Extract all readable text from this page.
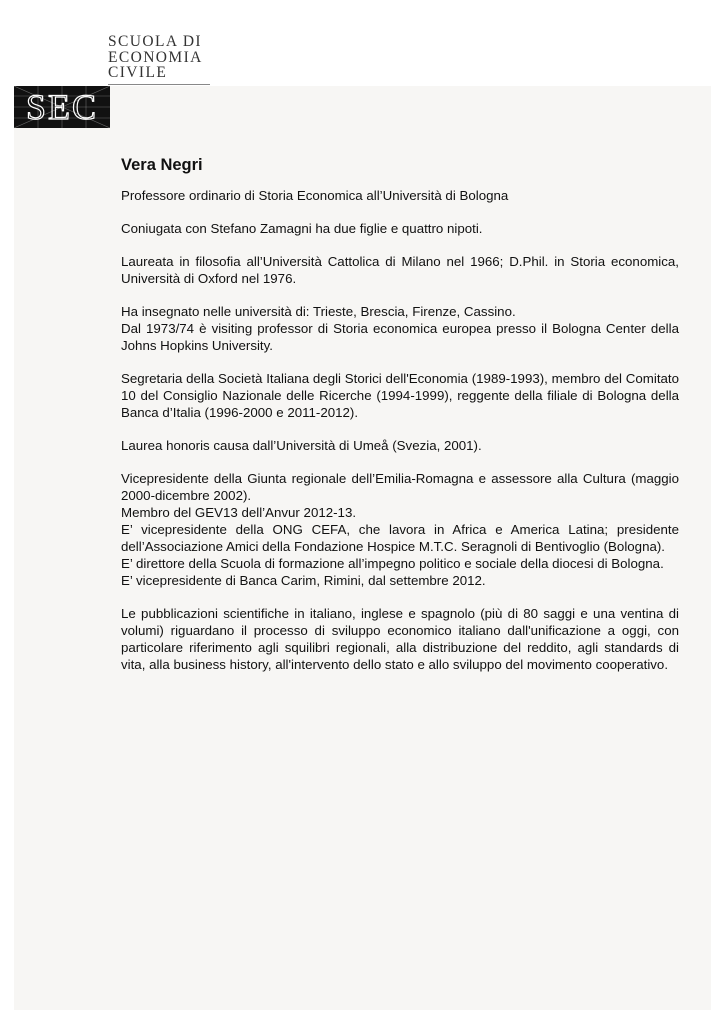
SCUOLA DI
ECONOMIA
CIVILE
SEC
Vera Negri

Professore ordinario di Storia Economica all’Università di Bologna

Coniugata con Stefano Zamagni ha due figlie e quattro nipoti.

Laureata in filosofia all’Università Cattolica di Milano nel 1966; D.Phil. in Storia economica, Università di Oxford nel 1976.

Ha insegnato nelle università di: Trieste, Brescia, Firenze, Cassino.
Dal 1973/74 è visiting professor di Storia economica europea presso il Bologna Center della Johns Hopkins University.

Segretaria della Società Italiana degli Storici dell'Economia (1989-1993), membro del Comitato 10 del Consiglio Nazionale delle Ricerche (1994-1999), reggente della filiale di Bologna della Banca d’Italia (1996-2000 e 2011-2012).

Laurea honoris causa dall’Università di Umeå (Svezia, 2001).

Vicepresidente della Giunta regionale dell’Emilia-Romagna e assessore alla Cultura (maggio 2000-dicembre 2002).
Membro del GEV13 dell’Anvur 2012-13.
E’ vicepresidente della ONG CEFA, che lavora in Africa e America Latina; presidente dell’Associazione Amici della Fondazione Hospice M.T.C. Seragnoli di Bentivoglio (Bologna).
E’ direttore della Scuola di formazione all’impegno politico e sociale della diocesi di Bologna.
E’ vicepresidente di Banca Carim, Rimini, dal settembre 2012.

Le pubblicazioni scientifiche in italiano, inglese e spagnolo (più di 80 saggi e una ventina di volumi) riguardano il processo di sviluppo economico italiano dall'unificazione a oggi, con particolare riferimento agli squilibri regionali, alla distribuzione del reddito, agli standards di vita, alla business history, all'intervento dello stato e allo sviluppo del movimento cooperativo.
